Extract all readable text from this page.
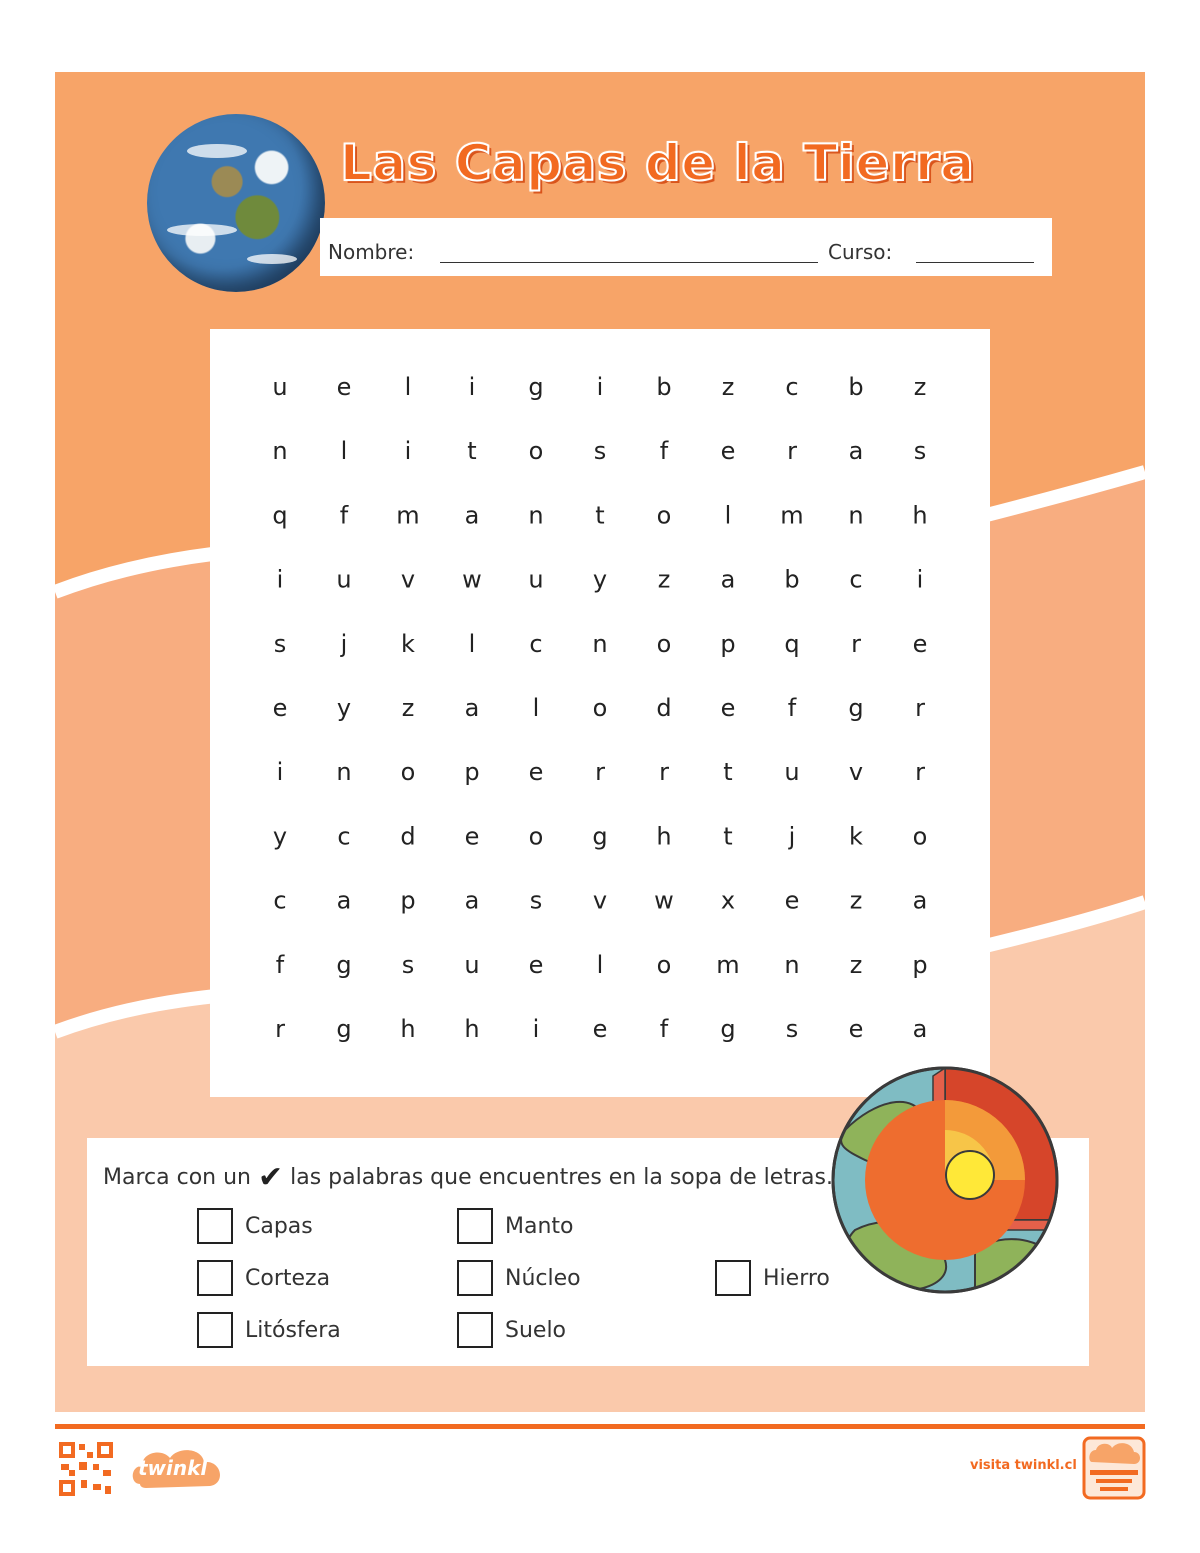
Las Capas de la Tierra
Nombre:	Curso:
u e l i g i b z c b z
n l i t o s f e r a s
q f m a n t o l m n h
i u v w u y z a b c i
s j k l c n o p q r e
e y z a l o d e f g r
i n o p e r r t u v r
y c d e o g h t j k o
c a p a s v w x e z a
f g s u e l o m n z p
r g h h i e f g s e a
Marca con un ✔ las palabras que encuentres en la sopa de letras.
Capas	Manto
Corteza	Núcleo	Hierro
Litósfera	Suelo
twinkl	visita twinkl.cl
